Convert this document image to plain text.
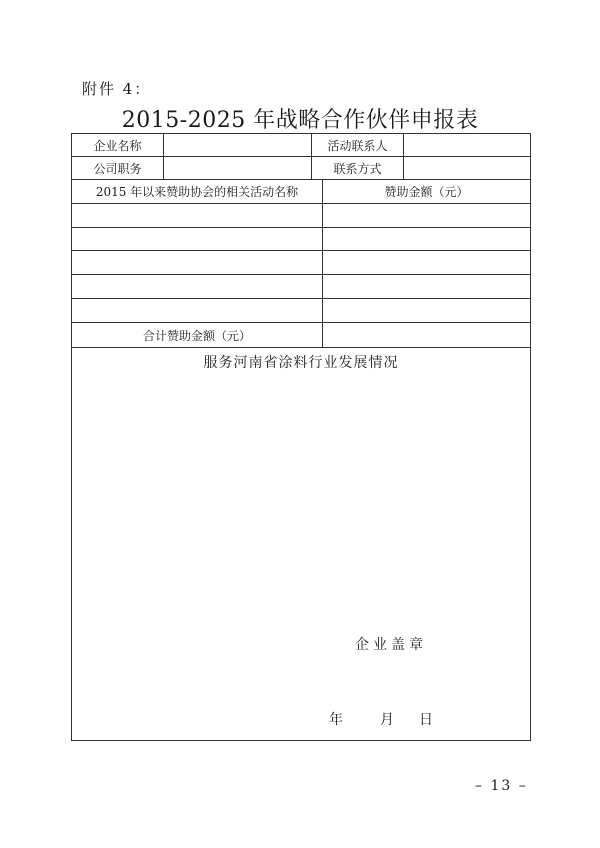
附件 4：
2015-2025 年战略合作伙伴申报表
企业名称	活动联系人
公司职务	联系方式
2015 年以来赞助协会的相关活动名称	赞助金额（元）
合计赞助金额（元）
服务河南省涂料行业发展情况
企业盖章
年	月 日
– 13 –
